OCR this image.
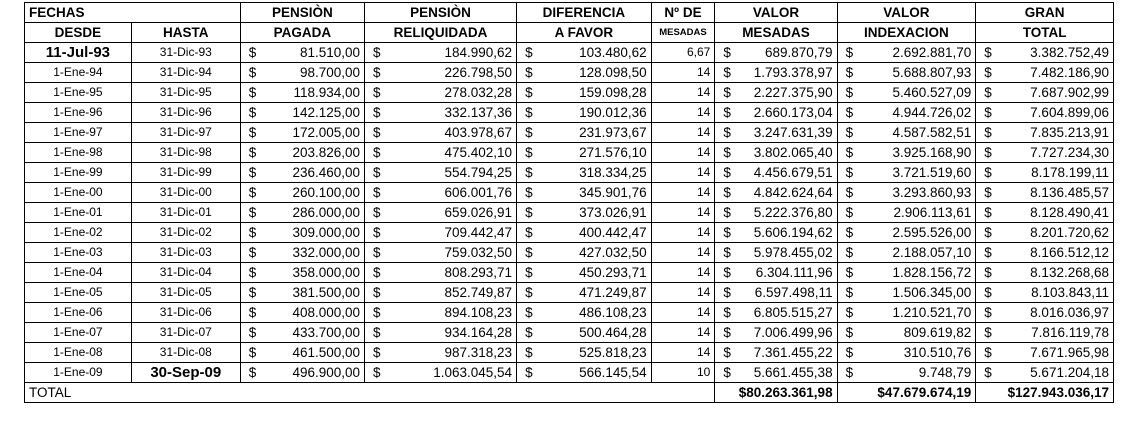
FECHAS		PENSIÒN	PENSIÒN	DIFERENCIA	Nº DE	VALOR	VALOR	GRAN
DESDE	HASTA	PAGADA	RELIQUIDADA	A FAVOR	MESADAS	MESADAS	INDEXACION	TOTAL
11-Jul-93	31-Dic-93	$ 81.510,00	$ 184.990,62	$ 103.480,62	6,67	$ 689.870,79	$ 2.692.881,70	$ 3.382.752,49

1-Ene-94	31-Dic-94	$ 98.700,00	$ 226.798,50	$ 128.098,50	14	$ 1.793.378,97	$ 5.688.807,93	$ 7.482.186,90

1-Ene-95	31-Dic-95	$ 118.934,00	$ 278.032,28	$ 159.098,28	14	$ 2.227.375,90	$ 5.460.527,09	$ 7.687.902,99

1-Ene-96	31-Dic-96	$ 142.125,00	$ 332.137,36	$ 190.012,36	14	$ 2.660.173,04	$ 4.944.726,02	$ 7.604.899,06

1-Ene-97	31-Dic-97	$ 172.005,00	$ 403.978,67	$ 231.973,67	14	$ 3.247.631,39	$ 4.587.582,51	$ 7.835.213,91

1-Ene-98	31-Dic-98	$ 203.826,00	$ 475.402,10	$ 271.576,10	14	$ 3.802.065,40	$ 3.925.168,90	$ 7.727.234,30

1-Ene-99	31-Dic-99	$ 236.460,00	$ 554.794,25	$ 318.334,25	14	$ 4.456.679,51	$ 3.721.519,60	$ 8.178.199,11

1-Ene-00	31-Dic-00	$ 260.100,00	$ 606.001,76	$ 345.901,76	14	$ 4.842.624,64	$ 3.293.860,93	$ 8.136.485,57

1-Ene-01	31-Dic-01	$ 286.000,00	$ 659.026,91	$ 373.026,91	14	$ 5.222.376,80	$ 2.906.113,61	$ 8.128.490,41

1-Ene-02	31-Dic-02	$ 309.000,00	$ 709.442,47	$ 400.442,47	14	$ 5.606.194,62	$ 2.595.526,00	$ 8.201.720,62

1-Ene-03	31-Dic-03	$ 332.000,00	$ 759.032,50	$ 427.032,50	14	$ 5.978.455,02	$ 2.188.057,10	$ 8.166.512,12

1-Ene-04	31-Dic-04	$ 358.000,00	$ 808.293,71	$ 450.293,71	14	$ 6.304.111,96	$ 1.828.156,72	$ 8.132.268,68

1-Ene-05	31-Dic-05	$ 381.500,00	$ 852.749,87	$ 471.249,87	14	$ 6.597.498,11	$ 1.506.345,00	$ 8.103.843,11

1-Ene-06	31-Dic-06	$ 408.000,00	$ 894.108,23	$ 486.108,23	14	$ 6.805.515,27	$ 1.210.521,70	$ 8.016.036,97

1-Ene-07	31-Dic-07	$ 433.700,00	$ 934.164,28	$ 500.464,28	14	$ 7.006.499,96	$ 809.619,82	$ 7.816.119,78

1-Ene-08	31-Dic-08	$ 461.500,00	$ 987.318,23	$ 525.818,23	14	$ 7.361.455,22	$ 310.510,76	$ 7.671.965,98

1-Ene-09	30-Sep-09	$ 496.900,00	$ 1.063.045,54	$ 566.145,54	10	$ 5.661.455,38	$ 9.748,79	$ 5.671.204,18

TOTAL						$80.263.361,98	$47.679.674,19	$127.943.036,17
